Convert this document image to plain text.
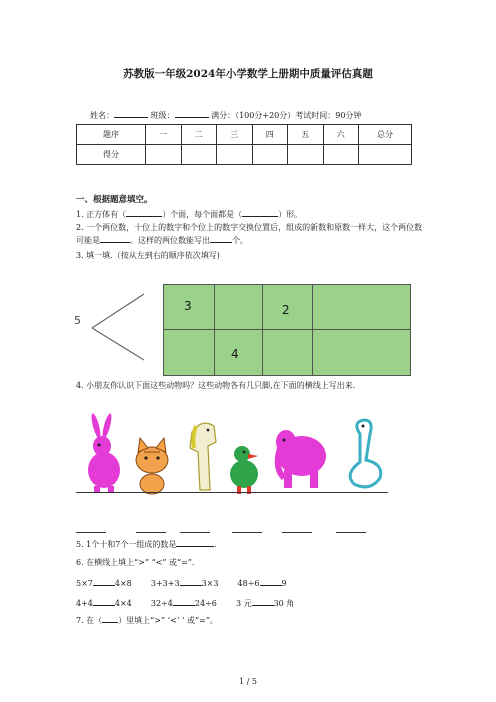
苏教版一年级2024年小学数学上册期中质量评估真题
姓名：	班级：	满分：（100分+20分）考试时间：90分钟
题序	一	二	三	四	五	六	总分
得分							
一、根据题意填空。
1. 正方体有（	）个面，每个面都是（	）形。
2. 一个两位数，十位上的数字和个位上的数字交换位置后，组成的新数和原数一样大，这个两位数可能是	。这样的两位数能写出	个。
3. 填一填.（按从左到右的顺序依次填写)
5
3	2
4
4. 小朋友你认识下面这些动物吗？这些动物各有几只脚,在下面的横线上写出来.
5. 1个十和7个一组成的数是	.
6. 在横线上填上“>” “<” 或“=”.
5×7	4×8 3+3+3	3×3 48÷6	9
4+4	4×4 32÷4	24÷6 3 元	30 角
7. 在（ ）里填上“>” ‘<’ ’ 或“=”。
1 / 5
